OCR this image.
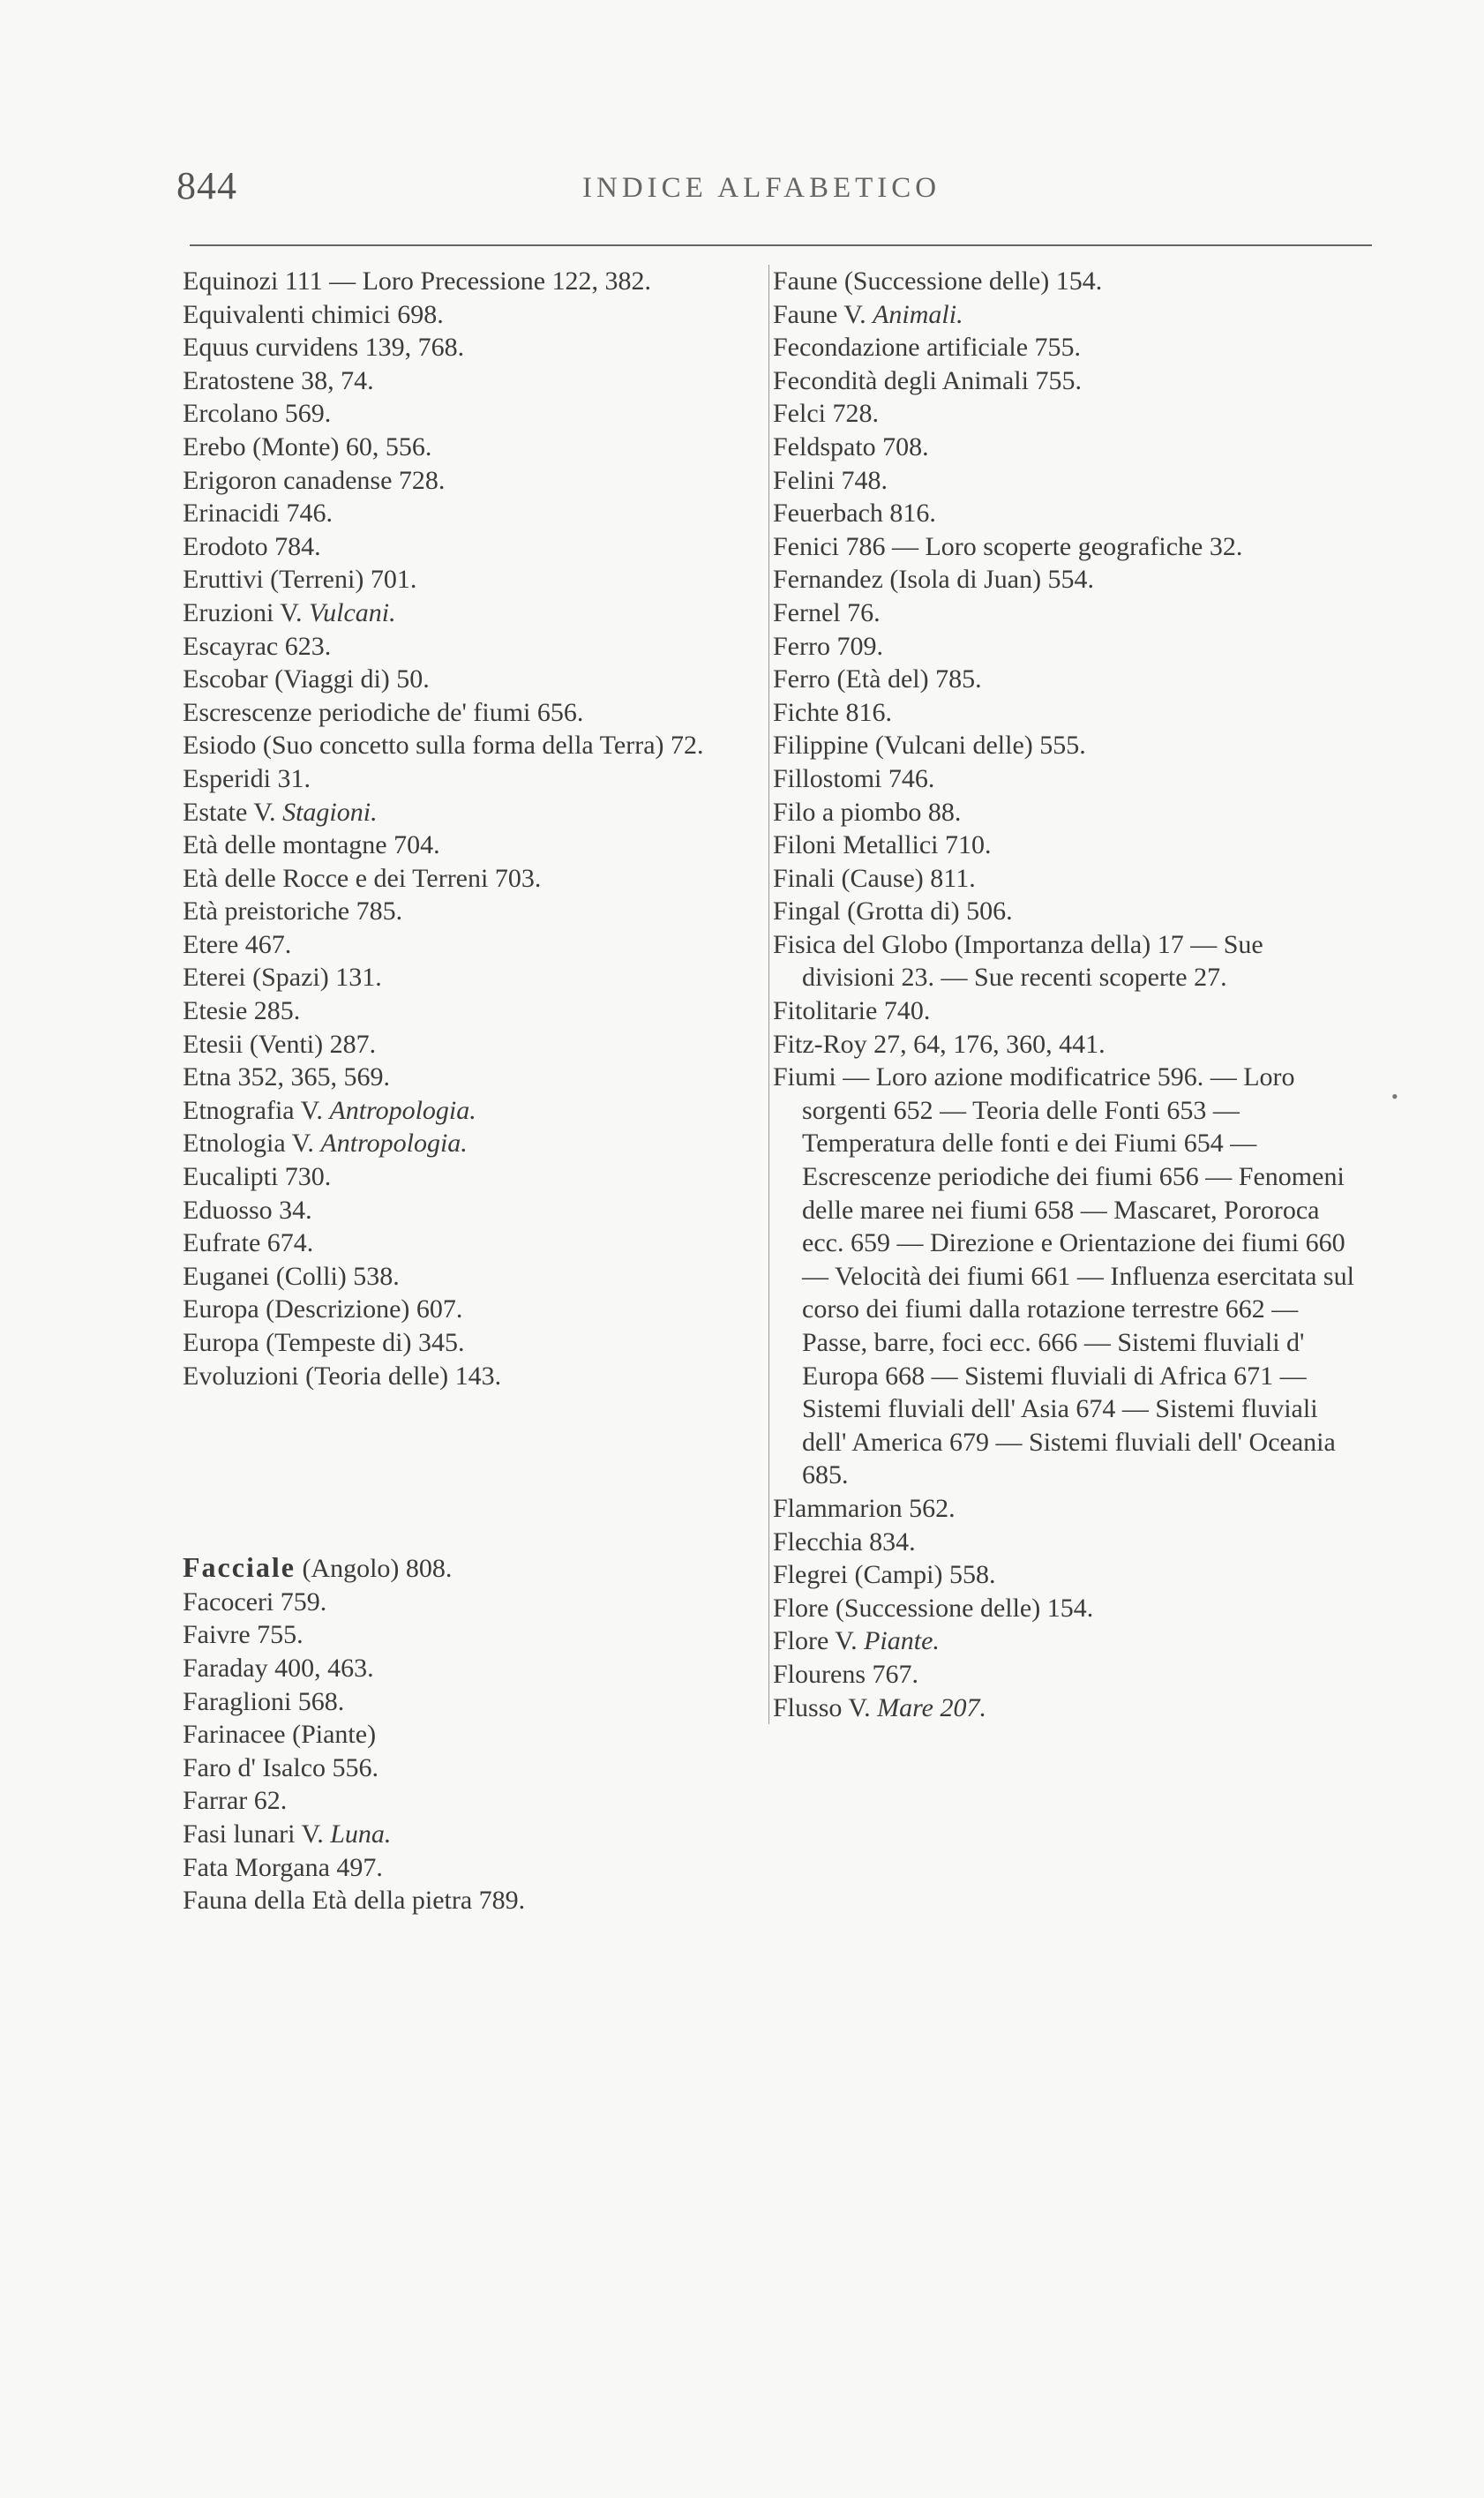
844	INDICE ALFABETICO
Equinozi 111 — Loro Precessione 122, 382.
Equivalenti chimici 698.
Equus curvidens 139, 768.
Eratostene 38, 74.
Ercolano 569.
Erebo (Monte) 60, 556.
Erigoron canadense 728.
Erinacidi 746.
Erodoto 784.
Eruttivi (Terreni) 701.
Eruzioni V. Vulcani.
Escayrac 623.
Escobar (Viaggi di) 50.
Escrescenze periodiche de' fiumi 656.
Esiodo (Suo concetto sulla forma della Terra) 72.
Esperidi 31.
Estate V. Stagioni.
Età delle montagne 704.
Età delle Rocce e dei Terreni 703.
Età preistoriche 785.
Etere 467.
Eterei (Spazi) 131.
Etesie 285.
Etesii (Venti) 287.
Etna 352, 365, 569.
Etnografia V. Antropologia.
Etnologia V. Antropologia.
Eucalipti 730.
Eduosso 34.
Eufrate 674.
Euganei (Colli) 538.
Europa (Descrizione) 607.
Europa (Tempeste di) 345.
Evoluzioni (Teoria delle) 143.
Facciale (Angolo) 808.
Facoceri 759.
Faivre 755.
Faraday 400, 463.
Faraglioni 568.
Farinacee (Piante)
Faro d' Isalco 556.
Farrar 62.
Fasi lunari V. Luna.
Fata Morgana 497.
Fauna della Età della pietra 789.
Faune (Successione delle) 154.
Faune V. Animali.
Fecondazione artificiale 755.
Fecondità degli Animali 755.
Felci 728.
Feldspato 708.
Felini 748.
Feuerbach 816.
Fenici 786 — Loro scoperte geografiche 32.
Fernandez (Isola di Juan) 554.
Fernel 76.
Ferro 709.
Ferro (Età del) 785.
Fichte 816.
Filippine (Vulcani delle) 555.
Fillostomi 746.
Filo a piombo 88.
Filoni Metallici 710.
Finali (Cause) 811.
Fingal (Grotta di) 506.
Fisica del Globo (Importanza della) 17 — Sue divisioni 23. — Sue recenti scoperte 27.
Fitolitarie 740.
Fitz-Roy 27, 64, 176, 360, 441.
Fiumi — Loro azione modificatrice 596. — Loro sorgenti 652 — Teoria delle Fonti 653 — Temperatura delle fonti e dei Fiumi 654 — Escrescenze periodiche dei fiumi 656 — Fenomeni delle maree nei fiumi 658 — Mascaret, Pororoca ecc. 659 — Direzione e Orientazione dei fiumi 660 — Velocità dei fiumi 661 — Influenza esercitata sul corso dei fiumi dalla rotazione terrestre 662 — Passe, barre, foci ecc. 666 — Sistemi fluviali d' Europa 668 — Sistemi fluviali di Africa 671 — Sistemi fluviali dell' Asia 674 — Sistemi fluviali dell' America 679 — Sistemi fluviali dell' Oceania 685.
Flammarion 562.
Flecchia 834.
Flegrei (Campi) 558.
Flore (Successione delle) 154.
Flore V. Piante.
Flourens 767.
Flusso V. Mare 207.
•
